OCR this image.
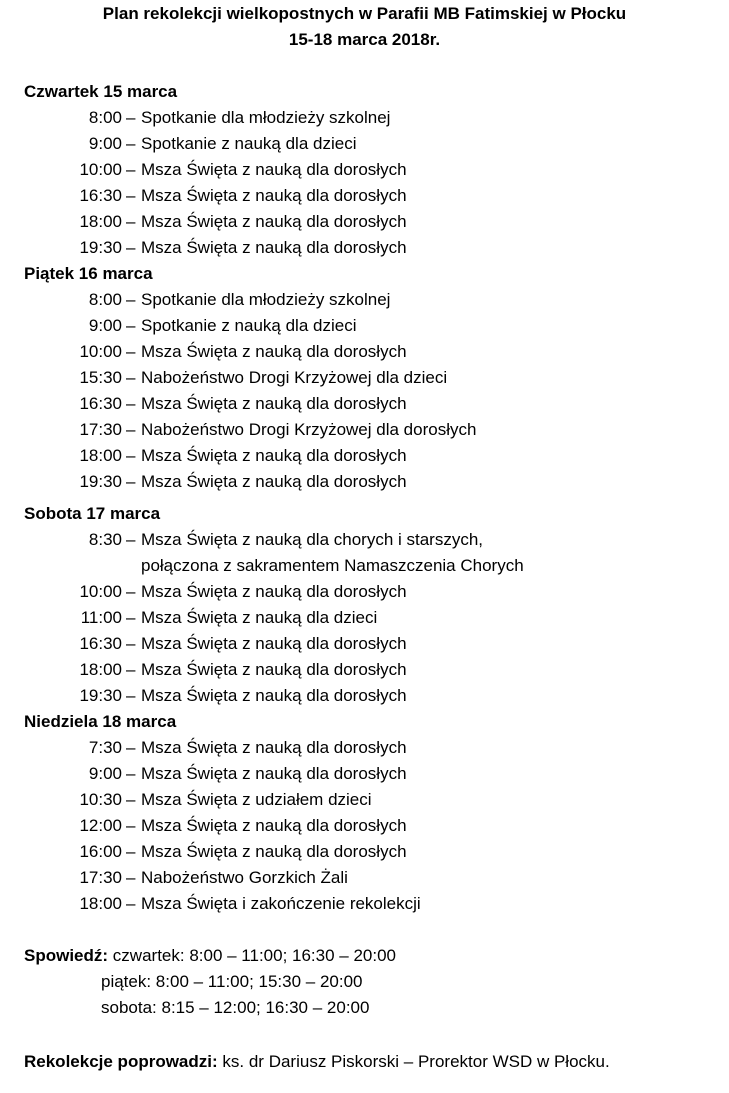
Plan rekolekcji wielkopostnych w Parafii MB Fatimskiej w Płocku
15-18 marca 2018r.
Czwartek 15 marca
8:00 – Spotkanie dla młodzieży szkolnej
9:00 – Spotkanie z nauką dla dzieci
10:00 – Msza Święta z nauką dla dorosłych
16:30 – Msza Święta z nauką dla dorosłych
18:00 – Msza Święta z nauką dla dorosłych
19:30 – Msza Święta z nauką dla dorosłych
Piątek 16 marca
8:00 – Spotkanie dla młodzieży szkolnej
9:00 – Spotkanie z nauką dla dzieci
10:00 – Msza Święta z nauką dla dorosłych
15:30 – Nabożeństwo Drogi Krzyżowej dla dzieci
16:30 – Msza Święta z nauką dla dorosłych
17:30 – Nabożeństwo Drogi Krzyżowej dla dorosłych
18:00 – Msza Święta z nauką dla dorosłych
19:30 – Msza Święta z nauką dla dorosłych
Sobota 17 marca
8:30 – Msza Święta z nauką dla chorych i starszych,
połączona z sakramentem Namaszczenia Chorych
10:00 – Msza Święta z nauką dla dorosłych
11:00 – Msza Święta z nauką dla dzieci
16:30 – Msza Święta z nauką dla dorosłych
18:00 – Msza Święta z nauką dla dorosłych
19:30 – Msza Święta z nauką dla dorosłych
Niedziela 18 marca
7:30 – Msza Święta z nauką dla dorosłych
9:00 – Msza Święta z nauką dla dorosłych
10:30 – Msza Święta z udziałem dzieci
12:00 – Msza Święta z nauką dla dorosłych
16:00 – Msza Święta z nauką dla dorosłych
17:30 – Nabożeństwo Gorzkich Żali
18:00 – Msza Święta i zakończenie rekolekcji
Spowiedź: czwartek: 8:00 – 11:00; 16:30 – 20:00
piątek: 8:00 – 11:00; 15:30 – 20:00
sobota: 8:15 – 12:00; 16:30 – 20:00
Rekolekcje poprowadzi: ks. dr Dariusz Piskorski – Prorektor WSD w Płocku.
